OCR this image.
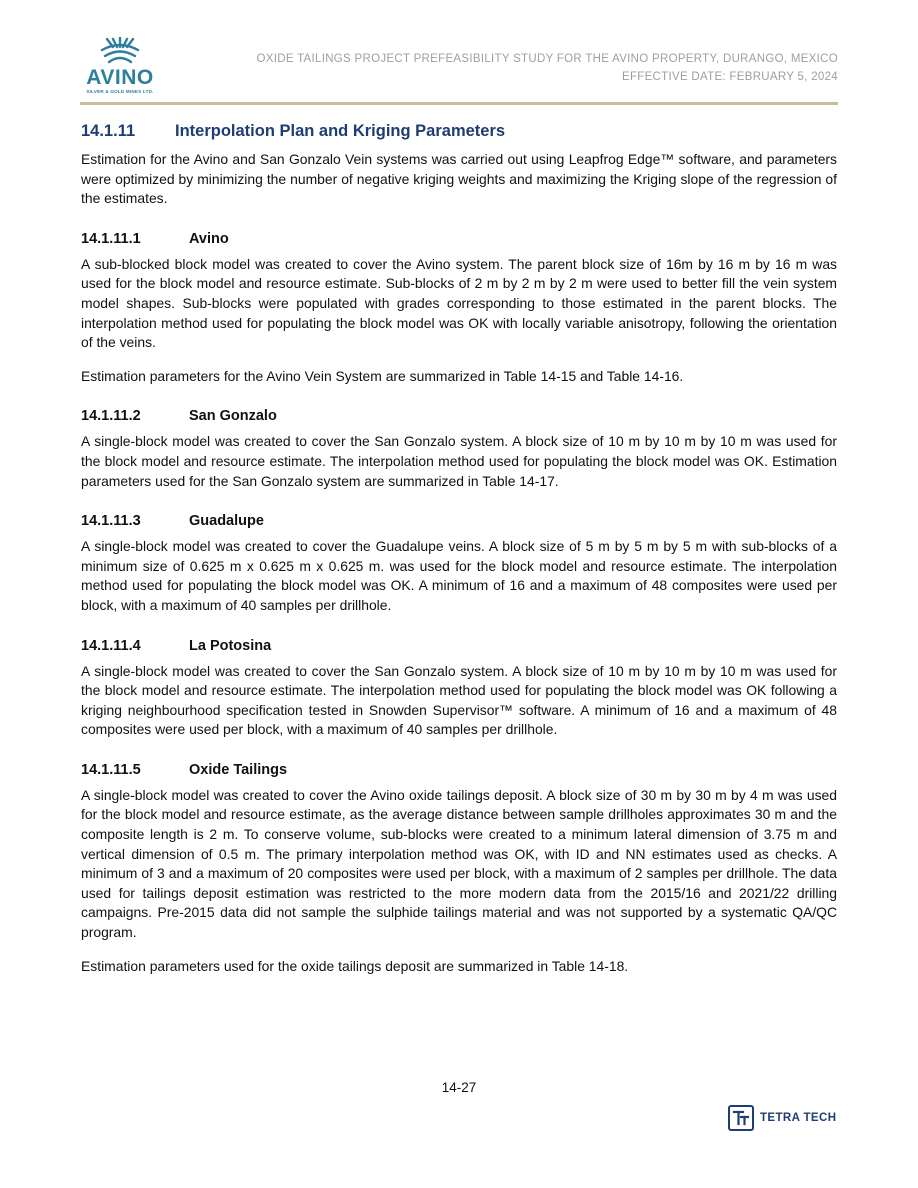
AVINO
SILVER & GOLD MINES LTD.
OXIDE TAILINGS PROJECT PREFEASIBILITY STUDY FOR THE AVINO PROPERTY, DURANGO, MEXICO
EFFECTIVE DATE: FEBRUARY 5, 2024
14.1.11	Interpolation Plan and Kriging Parameters

Estimation for the Avino and San Gonzalo Vein systems was carried out using Leapfrog Edge™ software, and parameters were optimized by minimizing the number of negative kriging weights and maximizing the Kriging slope of the regression of the estimates.

14.1.11.1	Avino

A sub-blocked block model was created to cover the Avino system. The parent block size of 16m by 16 m by 16 m was used for the block model and resource estimate. Sub-blocks of 2 m by 2 m by 2 m were used to better fill the vein system model shapes. Sub-blocks were populated with grades corresponding to those estimated in the parent blocks. The interpolation method used for populating the block model was OK with locally variable anisotropy, following the orientation of the veins.

Estimation parameters for the Avino Vein System are summarized in Table 14-15 and Table 14-16.

14.1.11.2	San Gonzalo

A single-block model was created to cover the San Gonzalo system. A block size of 10 m by 10 m by 10 m was used for the block model and resource estimate. The interpolation method used for populating the block model was OK. Estimation parameters used for the San Gonzalo system are summarized in Table 14-17.

14.1.11.3	Guadalupe

A single-block model was created to cover the Guadalupe veins. A block size of 5 m by 5 m by 5 m with sub-blocks of a minimum size of 0.625 m x 0.625 m x 0.625 m. was used for the block model and resource estimate. The interpolation method used for populating the block model was OK. A minimum of 16 and a maximum of 48 composites were used per block, with a maximum of 40 samples per drillhole.

14.1.11.4	La Potosina

A single-block model was created to cover the San Gonzalo system. A block size of 10 m by 10 m by 10 m was used for the block model and resource estimate. The interpolation method used for populating the block model was OK following a kriging neighbourhood specification tested in Snowden Supervisor™ software. A minimum of 16 and a maximum of 48 composites were used per block, with a maximum of 40 samples per drillhole.

14.1.11.5	Oxide Tailings

A single-block model was created to cover the Avino oxide tailings deposit. A block size of 30 m by 30 m by 4 m was used for the block model and resource estimate, as the average distance between sample drillholes approximates 30 m and the composite length is 2 m. To conserve volume, sub-blocks were created to a minimum lateral dimension of 3.75 m and vertical dimension of 0.5 m. The primary interpolation method was OK, with ID and NN estimates used as checks. A minimum of 3 and a maximum of 20 composites were used per block, with a maximum of 2 samples per drillhole. The data used for tailings deposit estimation was restricted to the more modern data from the 2015/16 and 2021/22 drilling campaigns. Pre-2015 data did not sample the sulphide tailings material and was not supported by a systematic QA/QC program.

Estimation parameters used for the oxide tailings deposit are summarized in Table 14-18.

14-27
TETRA TECH
